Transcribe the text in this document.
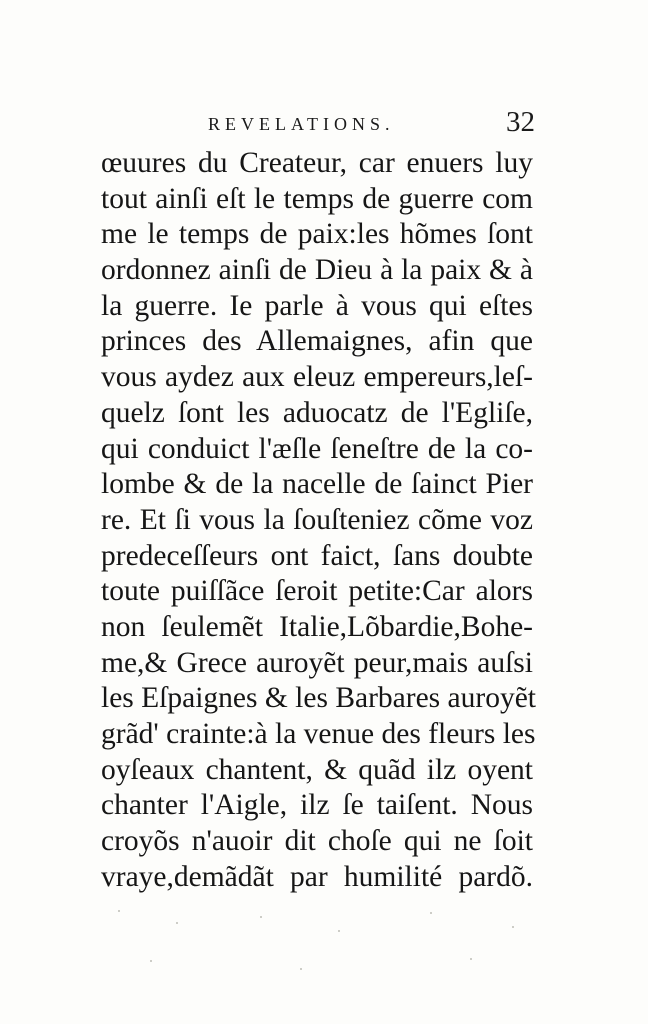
REVELATIONS.	32
œuures du Createur, car enuers luy
tout ainſi eſt le temps de guerre com
me le temps de paix:les hõmes ſont
ordonnez ainſi de Dieu à la paix & à
la guerre. Ie parle à vous qui eſtes
princes des Allemaignes, afin que
vous aydez aux eleuz empereurs,leſ-
quelz ſont les aduocatz de l'Egliſe,
qui conduict l'æſle ſeneſtre de la co-
lombe & de la nacelle de ſainct Pier
re. Et ſi vous la ſouſteniez cõme voz
predeceſſeurs ont faict, ſans doubte
toute puiſſãce ſeroit petite:Car alors
non ſeulemẽt Italie,Lõbardie,Bohe-
me,& Grece auroyẽt peur,mais auſsi
les Eſpaignes & les Barbares auroyẽt
grãd' crainte:à la venue des fleurs les
oyſeaux chantent, & quãd ilz oyent
chanter l'Aigle, ilz ſe taiſent. Nous
croyõs n'auoir dit choſe qui ne ſoit
vraye,demãdãt par humilité pardõ.
